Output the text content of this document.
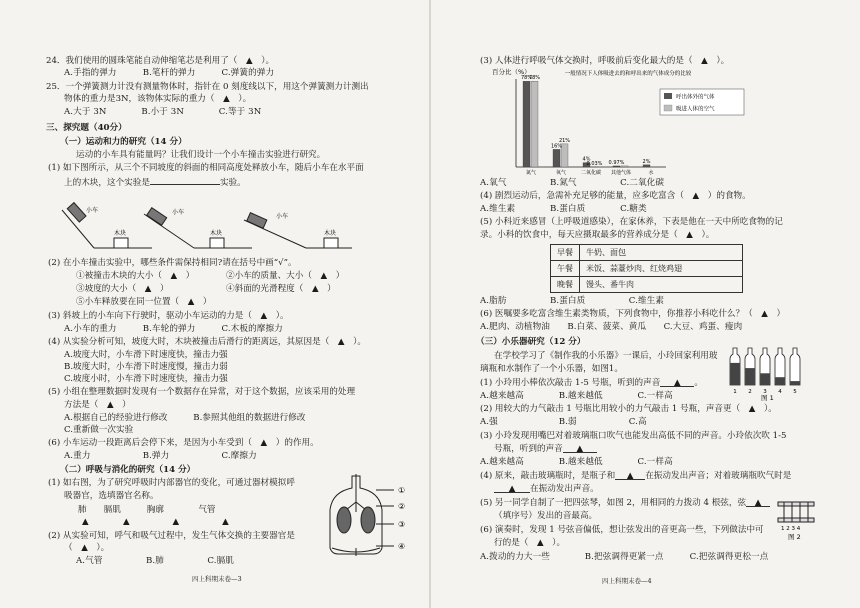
24．我们使用的圆珠笔能自动伸缩笔芯是利用了（　▲　）。
A.手指的弹力　　　B.笔杆的弹力　　　C.弹簧的弹力
25．一个弹簧测力计没有测量物体时，指针在 0 刻度线以下，用这个弹簧测力计测出
物体的重力是3N，该物体实际的重力（　▲　）。
A.大于 3N　　　　B.小于 3N　　　　C.等于 3N
三、探究题（40分）
（一）运动和力的研究（14 分）
运动的小车具有能量吗？让我们设计一个小车撞击实验进行研究。
(1) 如下图所示，从三个不同坡度的斜面的相同高度处释放小车，随后小车在水平面
上的木块，这个实验是	实验。
小车
木块
小车
木块
小车
木块
(2) 在小车撞击实验中，哪些条件需保持相同?请在括号中画“√”。
①被撞击木块的大小（　▲　）	②小车的质量、大小（　▲　）
③坡度的大小（　▲　）	④斜面的光滑程度（　▲　）
⑤小车释放要在同一位置（　▲　）
(3) 斜坡上的小车向下行驶时，驱动小车运动的力是（　▲　）。
A.小车的重力　　　B.车轮的弹力　　　C.木板的摩擦力
(4) 从实验分析可知，坡度大时，木块被撞击后滑行的距离远，其原因是（　▲　）。
A.坡度大时，小车滑下时速度快，撞击力强
B.坡度大时，小车滑下时速度慢，撞击力弱
C.坡度小时，小车滑下时速度快，撞击力强
(5) 小组在整理数据时发现有一个数据存在异常，对于这个数据，应该采用的处理
方法是（　▲　）
A.根据自己的经验进行修改　　　B.参照其他组的数据进行修改
C.重新做一次实验
(6) 小车运动一段距离后会停下来，是因为小车受到（　▲　）的作用。
A.重力　　　　　　B.弹力　　　　　　C.摩擦力
（二）呼吸与消化的研究（14 分）
(1) 如右图，为了研究呼吸时内部器官的变化，可通过器材模拟呼
吸器官，选填器官名称。
肺　　膈肌　　　胸廓　　　　气管
▲　　　　▲　　　　　▲　　　　　▲
(2) 从实验可知，呼气和吸气过程中，发生气体交换的主要器官是
（　▲　）。
A.气管　　　　　B.肺　　　　　C.膈肌
①
②
③
④
四上科期末卷—3
(3) 人体进行呼吸气体交换时，呼吸前后变化最大的是（　▲　）。
百分比（%）	一般情况下人体吸进去的和呼出来的气体成分的比较
78%
78%
16%
21%
4%
0.03% 0.97%	2%
氮气	氧气	二氧化碳 其他气体	水
呼出体外的气体
吸进人体的空气
A.氧气　　　　　B.氮气　　　　　C.二氧化碳
(4) 剧烈运动后，急需补充足够的能量，应多吃富含（　▲　）的食物。
A.维生素　　　　B.蛋白质　　　　C.糖类
(5) 小科近来感冒（上呼吸道感染），在家休养，下表是他在一天中所吃食物的记
录。小科的饮食中，每天应摄取最多的营养成分是（　▲　）。
早餐	牛奶、面包
午餐	米饭、蒜薹炒肉、红烧鸡翅
晚餐	馒头、番牛肉
A.脂肪　　　　　B.蛋白质　　　　　C.维生素
(6) 医嘱要多吃富含维生素类物质，下列食物中，你推荐小科吃什么？（　▲　）
A.肥肉、动植物油　　B.白菜、菠菜、黄瓜　　C.大豆、鸡蛋、瘦肉
（三）小乐器研究（12 分）
在学校学习了《制作我的小乐器》一课后，小玲回家利用玻
璃瓶和水制作了一个小乐器，如图1。
1 2 3 4 5
图 1
(1) 小玲用小棒依次敲击 1-5 号瓶，听到的声音 ▲ 。
A.越来越高　　　　B.越来越低　　　　C.一样高
(2) 用较大的力气敲击 1 号瓶比用较小的力气敲击 1 号瓶，声音更（　▲　）。
A.强　　　　　　　B.弱　　　　　　C.高
(3) 小玲发现用嘴巴对着玻璃瓶口吹气也能发出高低不同的声音。小玲依次吹 1-5
号瓶，听到的声音 ▲
A.越来越高　　　　B.越来越低　　　　C.一样高
(4) 原来，敲击玻璃瓶时，是瓶子和 ▲ 在振动发出声音；对着玻璃瓶吹气时是
▲ 在振动发出声音。
(5) 另一同学自制了一把四弦琴，如图 2，用相同的力拨动 4 根弦，弦 ▲
（填序号）发出的音最高。
(6) 演奏时，发现 1 号弦音偏低，想让弦发出的音更高一些，下列做法中可
行的是（　▲　）。
A.拨动的力大一些　　　　B.把弦调得更紧一点　　　C.把弦调得更松一点
1 2 3 4
图 2
四上科期末卷—4
